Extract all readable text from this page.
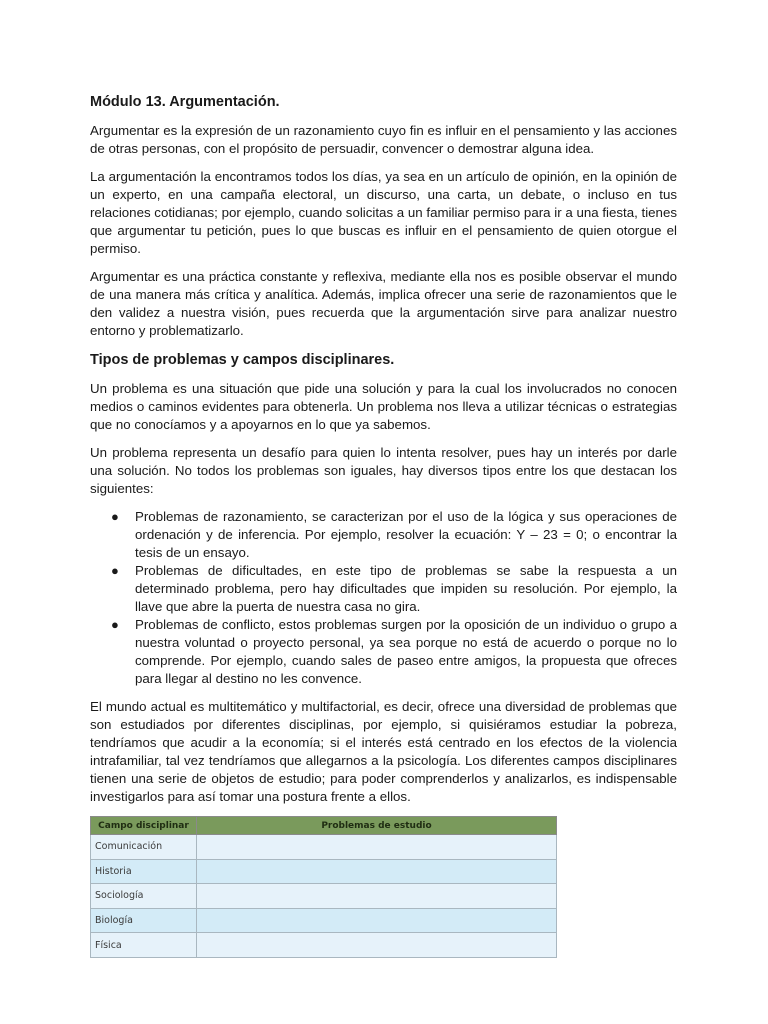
Módulo 13. Argumentación.

Argumentar es la expresión de un razonamiento cuyo fin es influir en el pensamiento y las acciones de otras personas, con el propósito de persuadir, convencer o demostrar alguna idea.

La argumentación la encontramos todos los días, ya sea en un artículo de opinión, en la opinión de un experto, en una campaña electoral, un discurso, una carta, un debate, o incluso en tus relaciones cotidianas; por ejemplo, cuando solicitas a un familiar permiso para ir a una fiesta, tienes que argumentar tu petición, pues lo que buscas es influir en el pensamiento de quien otorgue el permiso.

Argumentar es una práctica constante y reflexiva, mediante ella nos es posible observar el mundo de una manera más crítica y analítica. Además, implica ofrecer una serie de razonamientos que le den validez a nuestra visión, pues recuerda que la argumentación sirve para analizar nuestro entorno y problematizarlo.

Tipos de problemas y campos disciplinares.

Un problema es una situación que pide una solución y para la cual los involucrados no conocen medios o caminos evidentes para obtenerla. Un problema nos lleva a utilizar técnicas o estrategias que no conocíamos y a apoyarnos en lo que ya sabemos.

Un problema representa un desafío para quien lo intenta resolver, pues hay un interés por darle una solución. No todos los problemas son iguales, hay diversos tipos entre los que destacan los siguientes:

● Problemas de razonamiento, se caracterizan por el uso de la lógica y sus operaciones de ordenación y de inferencia. Por ejemplo, resolver la ecuación: Y – 23 = 0; o encontrar la tesis de un ensayo.
● Problemas de dificultades, en este tipo de problemas se sabe la respuesta a un determinado problema, pero hay dificultades que impiden su resolución. Por ejemplo, la llave que abre la puerta de nuestra casa no gira.
● Problemas de conflicto, estos problemas surgen por la oposición de un individuo o grupo a nuestra voluntad o proyecto personal, ya sea porque no está de acuerdo o porque no lo comprende. Por ejemplo, cuando sales de paseo entre amigos, la propuesta que ofreces para llegar al destino no les convence.

El mundo actual es multitemático y multifactorial, es decir, ofrece una diversidad de problemas que son estudiados por diferentes disciplinas, por ejemplo, si quisiéramos estudiar la pobreza, tendríamos que acudir a la economía; si el interés está centrado en los efectos de la violencia intrafamiliar, tal vez tendríamos que allegarnos a la psicología. Los diferentes campos disciplinares tienen una serie de objetos de estudio; para poder comprenderlos y analizarlos, es indispensable investigarlos para así tomar una postura frente a ellos.

Campo disciplinar	Problemas de estudio
Comunicación	
Historia	
Sociología	
Biología	
Física	
